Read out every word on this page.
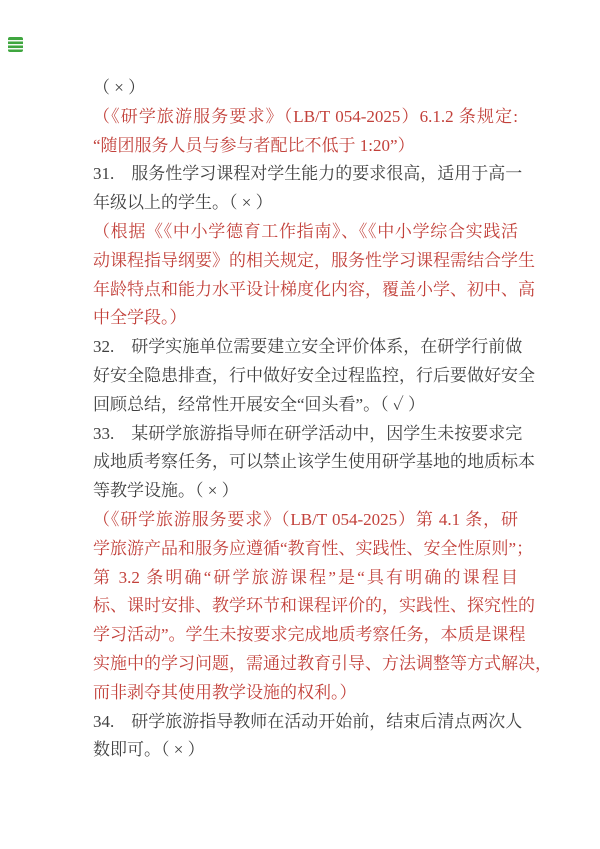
（ × ）
（《研学旅游服务要求》（LB/T 054-2025）6.1.2 条规定:
“随团服务人员与参与者配比不低于 1:20”）
31.　服务性学习课程对学生能力的要求很高，适用于高一
年级以上的学生。（ × ）
（根据《《中小学德育工作指南》、《《中小学综合实践活
动课程指导纲要》的相关规定，服务性学习课程需结合学生
年龄特点和能力水平设计梯度化内容，覆盖小学、初中、高
中全学段。）
32.　研学实施单位需要建立安全评价体系，在研学行前做
好安全隐患排查，行中做好安全过程监控，行后要做好安全
回顾总结，经常性开展安全“回头看”。（ ✓ ）
33.　某研学旅游指导师在研学活动中，因学生未按要求完
成地质考察任务，可以禁止该学生使用研学基地的地质标本
等教学设施。（ × ）
（《研学旅游服务要求》（LB/T 054-2025）第 4.1 条，研
学旅游产品和服务应遵循“教育性、实践性、安全性原则”；
第 3.2 条明确“研学旅游课程”是“具有明确的课程目
标、课时安排、教学环节和课程评价的，实践性、探究性的
学习活动”。学生未按要求完成地质考察任务，本质是课程
实施中的学习问题，需通过教育引导、方法调整等方式解决，
而非剥夺其使用教学设施的权利。）
34.　研学旅游指导教师在活动开始前，结束后清点两次人
数即可。（ × ）
